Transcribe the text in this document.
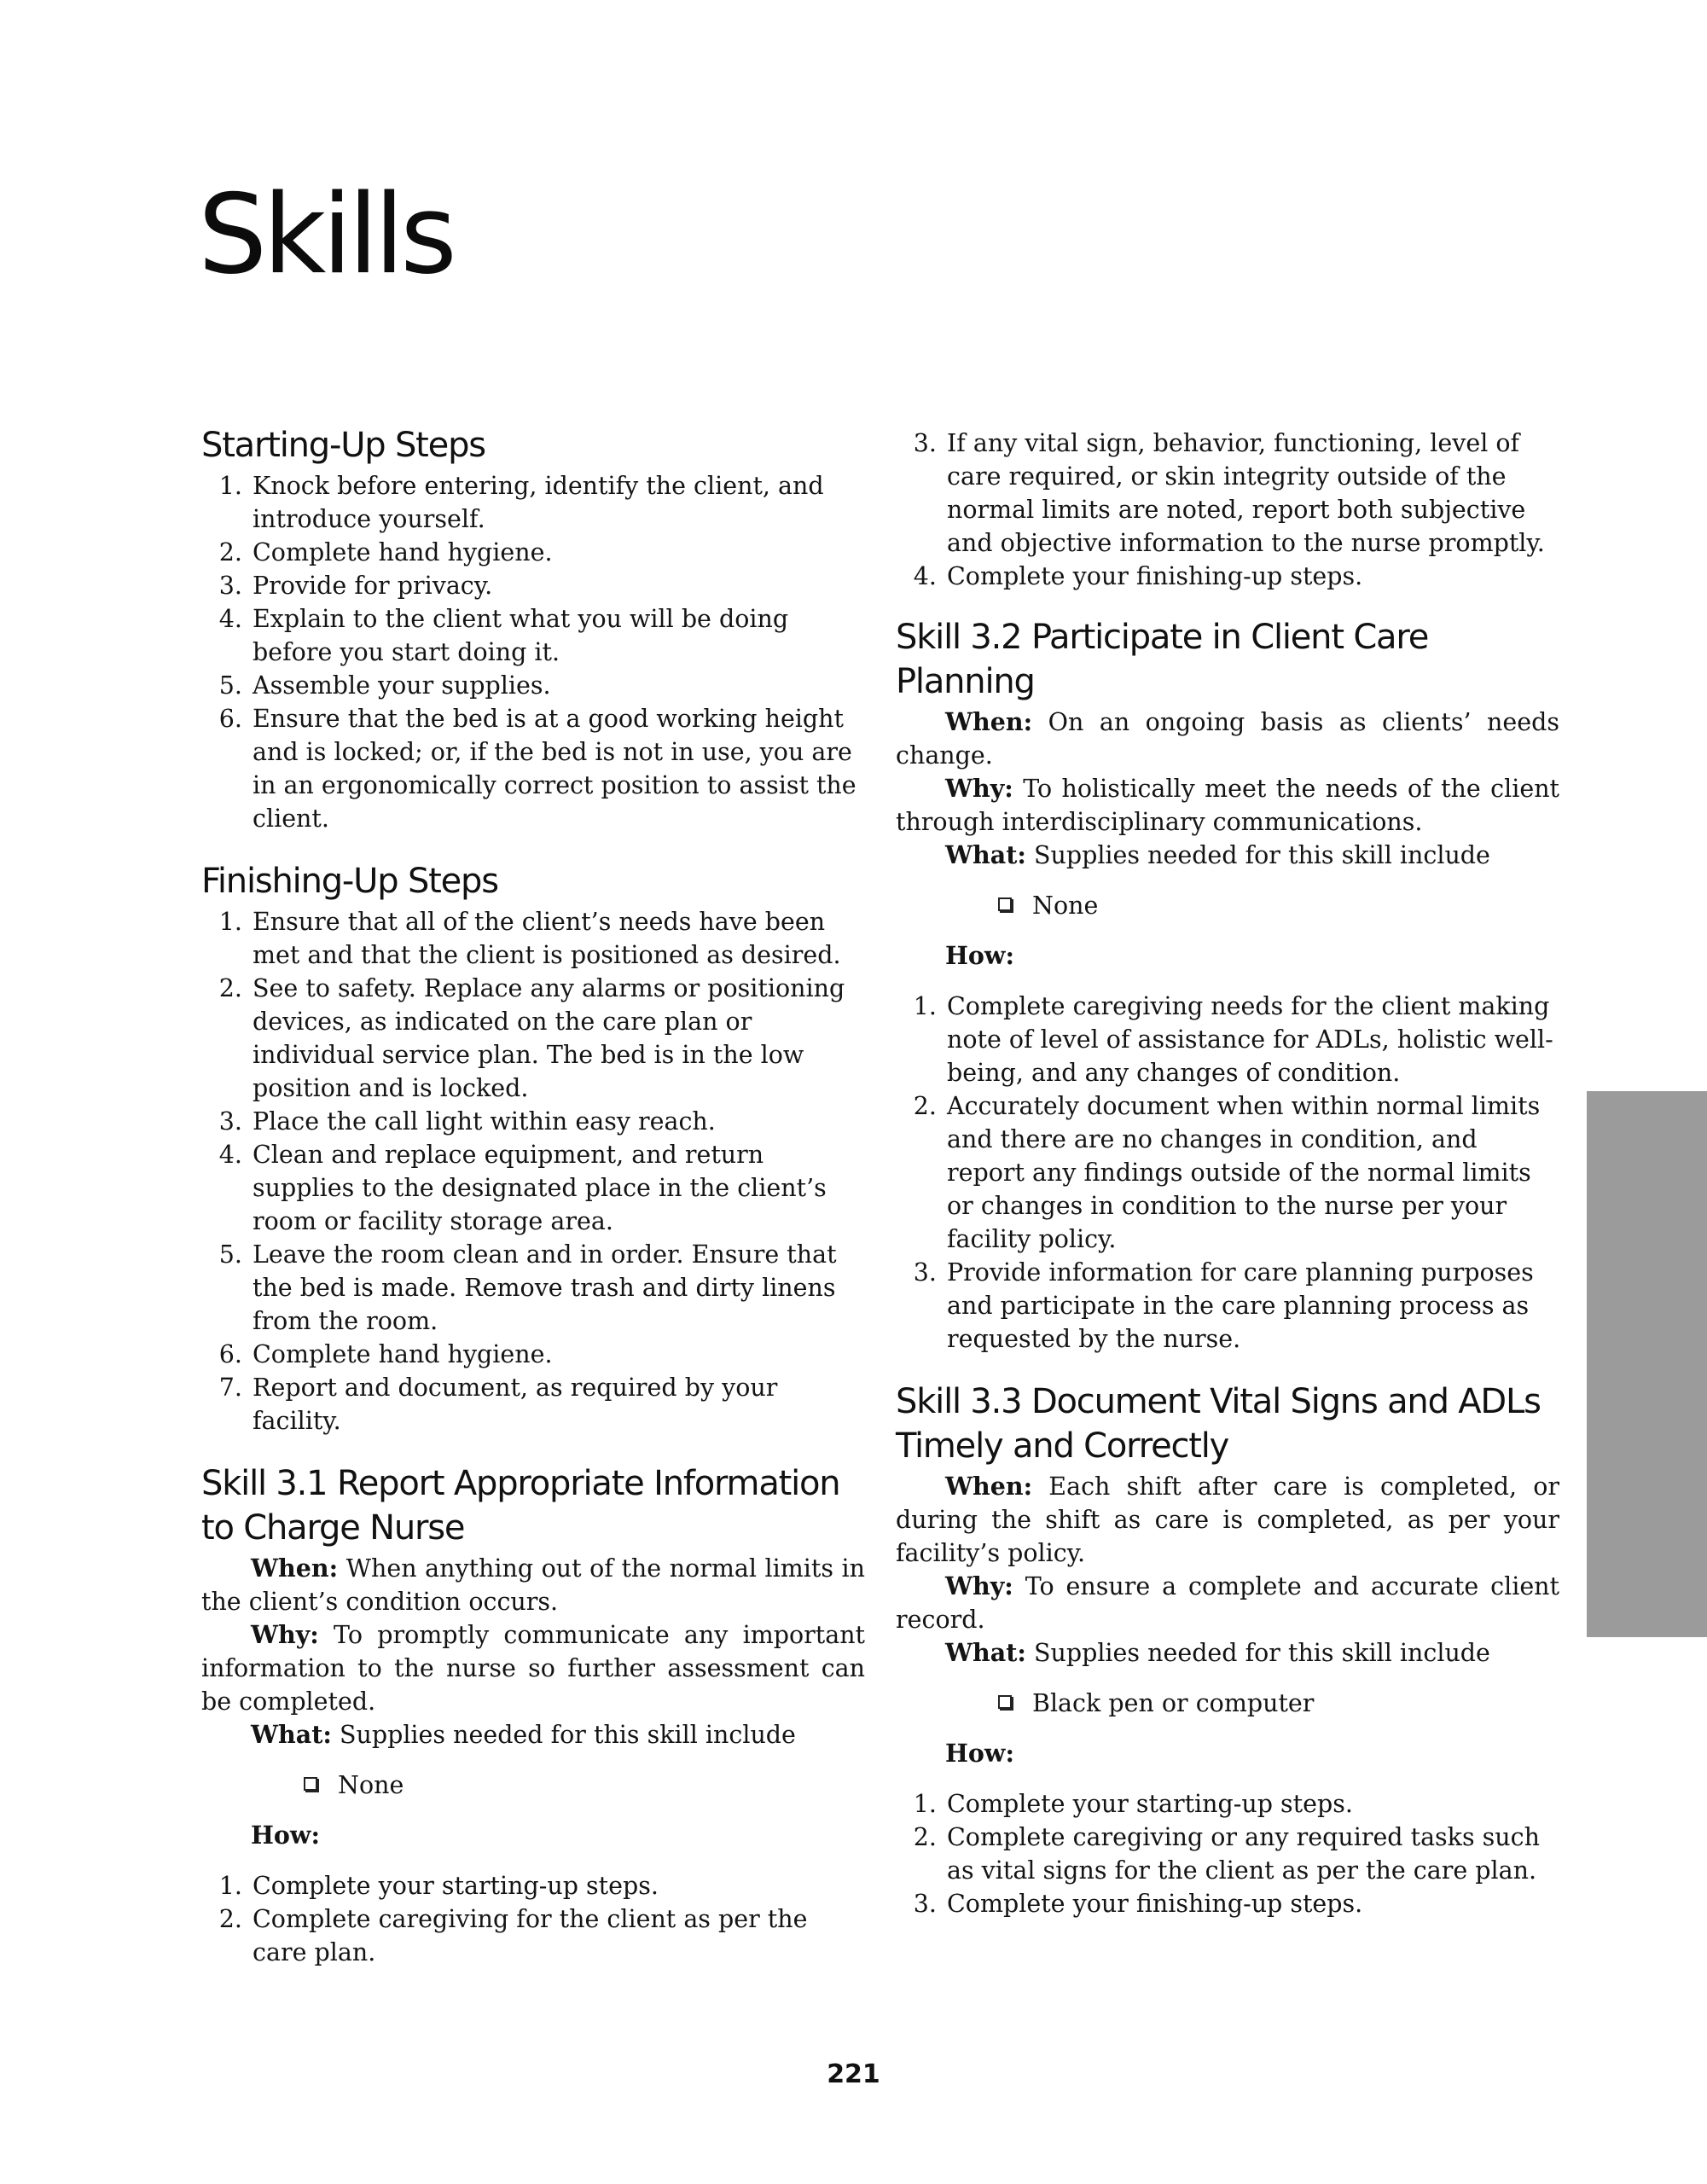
Skills
Starting-Up Steps
1. Knock before entering, identify the client, and introduce yourself.
2. Complete hand hygiene.
3. Provide for privacy.
4. Explain to the client what you will be doing before you start doing it.
5. Assemble your supplies.
6. Ensure that the bed is at a good working height and is locked; or, if the bed is not in use, you are in an ergonomically correct position to assist the client.
Finishing-Up Steps
1. Ensure that all of the client’s needs have been met and that the client is positioned as desired.
2. See to safety. Replace any alarms or positioning devices, as indicated on the care plan or individual service plan. The bed is in the low position and is locked.
3. Place the call light within easy reach.
4. Clean and replace equipment, and return supplies to the designated place in the client’s room or facility storage area.
5. Leave the room clean and in order. Ensure that the bed is made. Remove trash and dirty linens from the room.
6. Complete hand hygiene.
7. Report and document, as required by your facility.
Skill 3.1 Report Appropriate Information to Charge Nurse

When: When anything out of the normal limits in the client’s condition occurs.

Why: To promptly communicate any important information to the nurse so further assessment can be completed.

What: Supplies needed for this skill include

None
How:
1. Complete your starting-up steps.
2. Complete caregiving for the client as per the care plan.
3. If any vital sign, behavior, functioning, level of care required, or skin integrity outside of the normal limits are noted, report both subjective and objective information to the nurse promptly.
4. Complete your finishing-up steps.
Skill 3.2 Participate in Client Care Planning

When: On an ongoing basis as clients’ needs change.

Why: To holistically meet the needs of the client through interdisciplinary communications.

What: Supplies needed for this skill include

None
How:
1. Complete caregiving needs for the client making note of level of assistance for ADLs, holistic well-being, and any changes of condition.
2. Accurately document when within normal limits and there are no changes in condition, and report any findings outside of the normal limits or changes in condition to the nurse per your facility policy.
3. Provide information for care planning purposes and participate in the care planning process as requested by the nurse.
Skill 3.3 Document Vital Signs and ADLs Timely and Correctly

When: Each shift after care is completed, or during the shift as care is completed, as per your facility’s policy.

Why: To ensure a complete and accurate client record.

What: Supplies needed for this skill include

Black pen or computer
How:
1. Complete your starting-up steps.
2. Complete caregiving or any required tasks such as vital signs for the client as per the care plan.
3. Complete your finishing-up steps.
221
